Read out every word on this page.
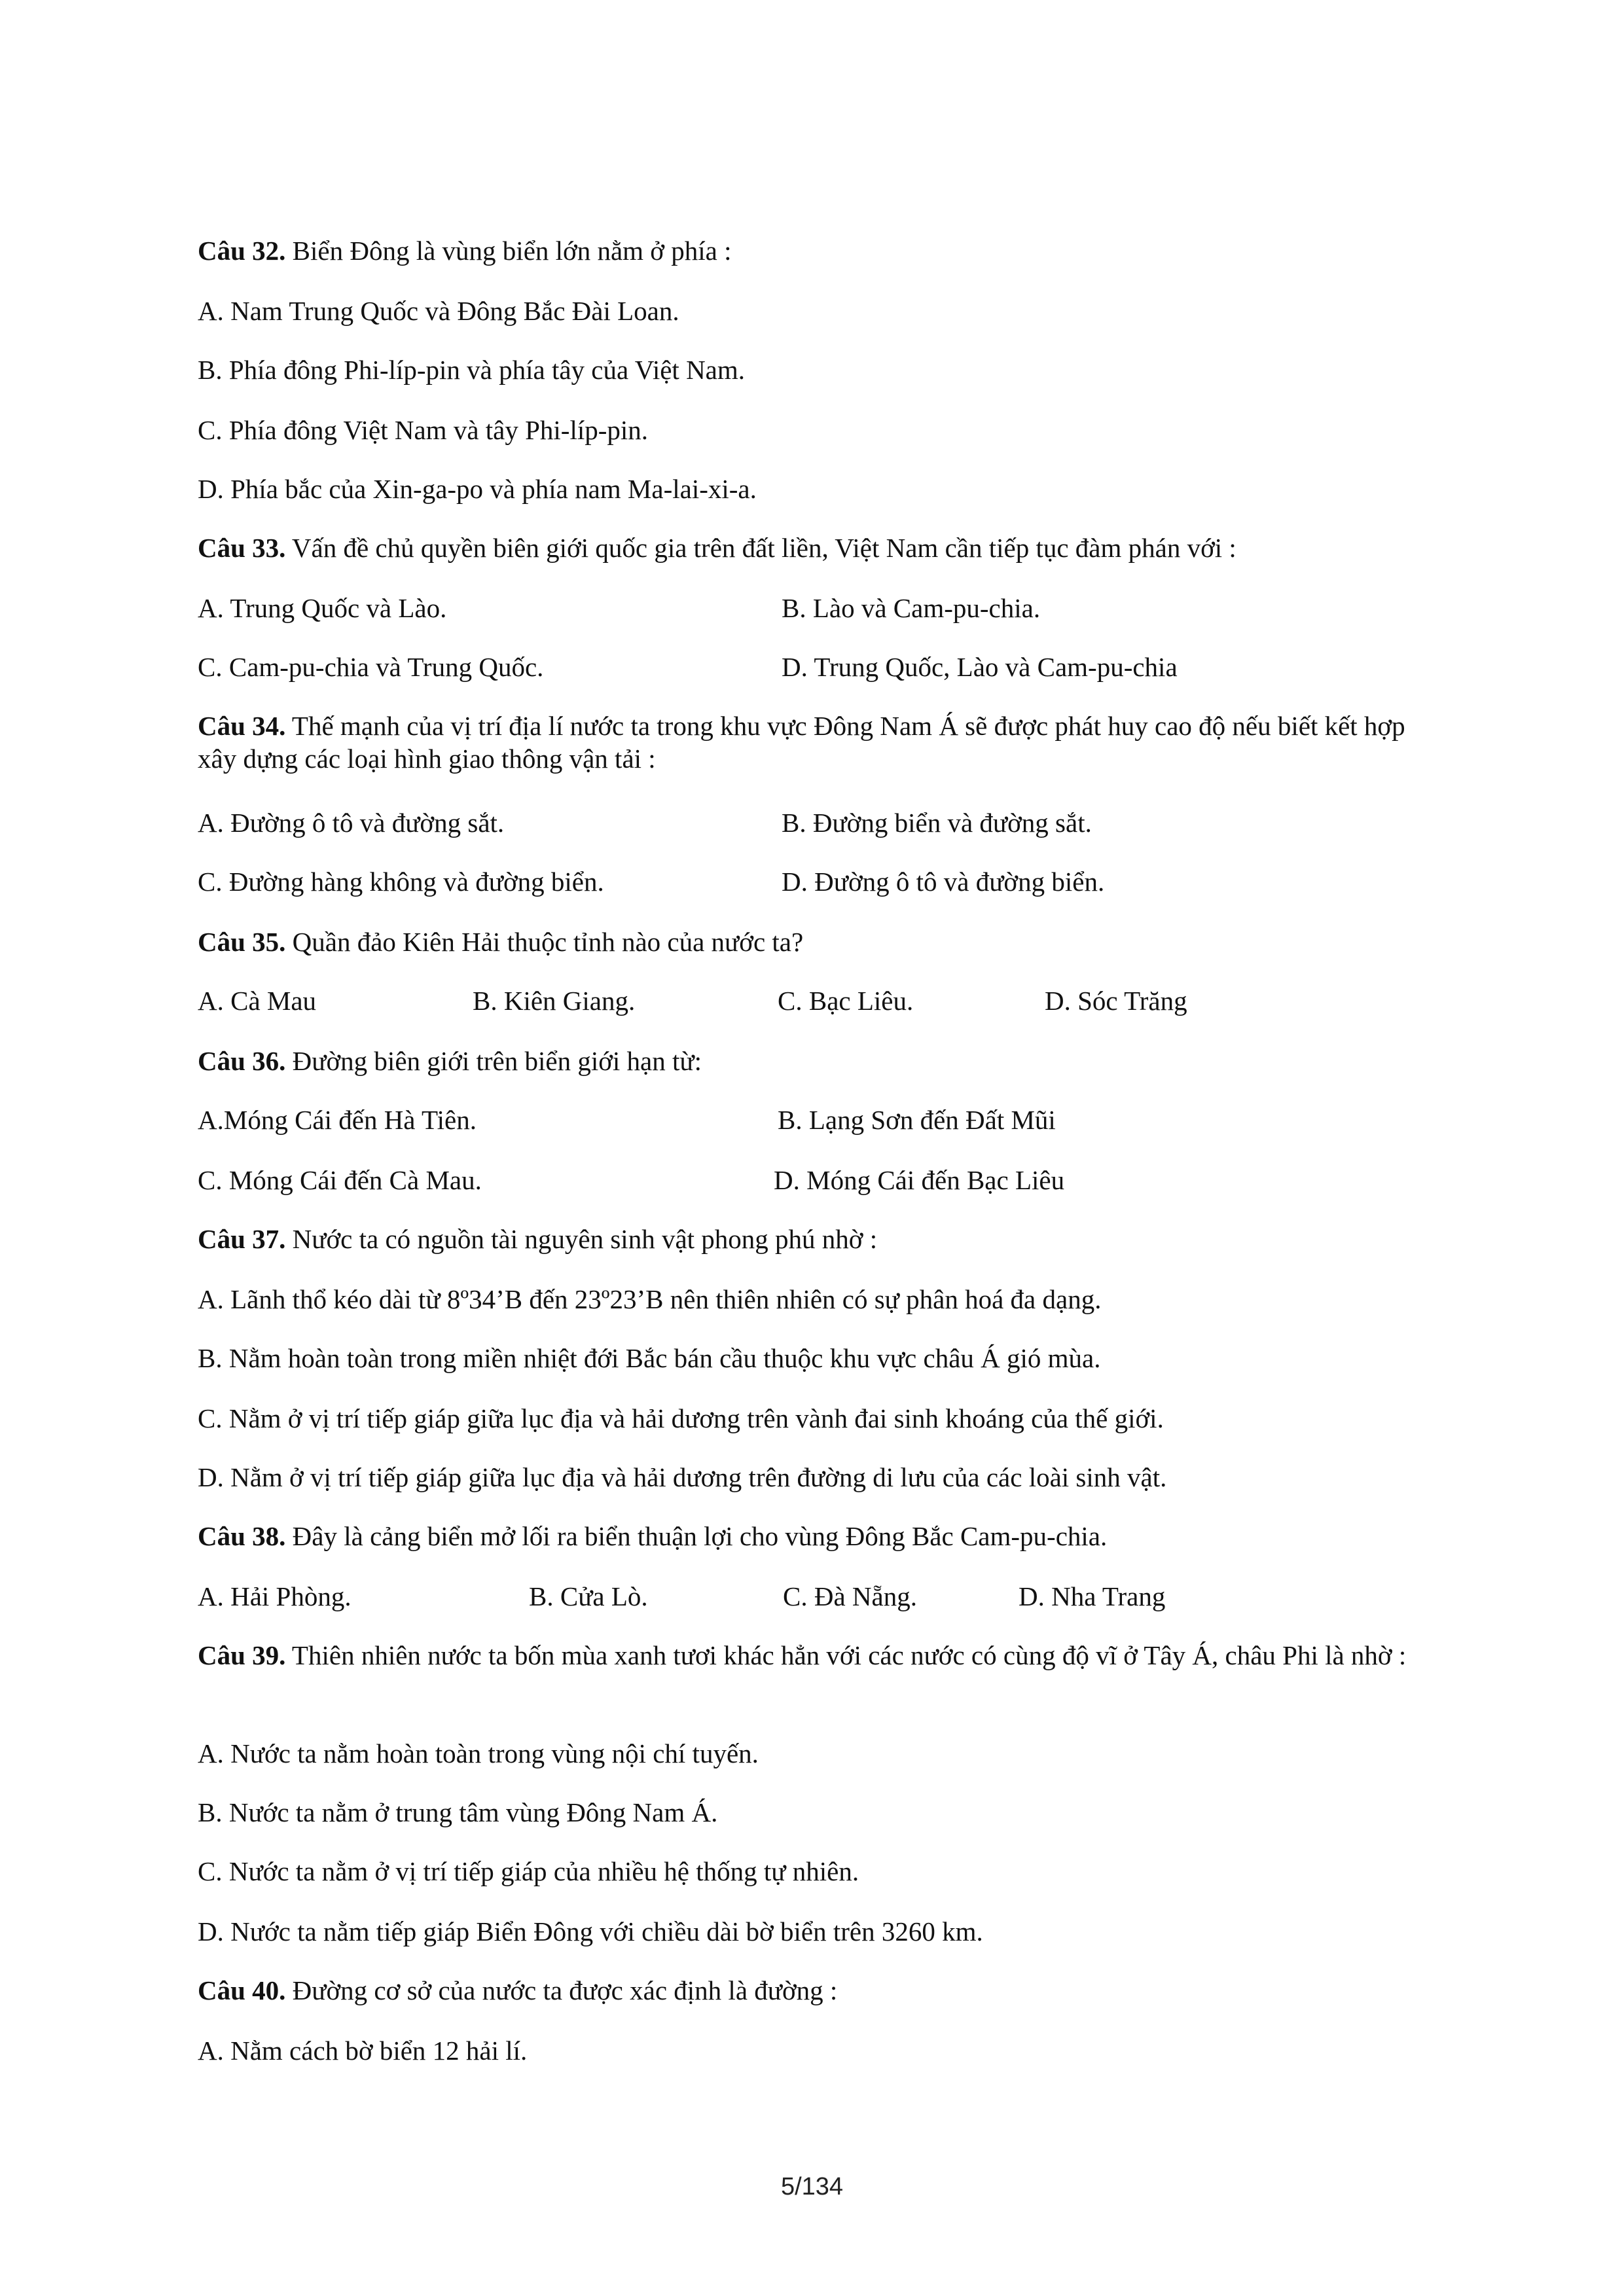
Câu 32. Biển Đông là vùng biển lớn nằm ở phía :
A. Nam Trung Quốc và Đông Bắc Đài Loan.
B. Phía đông Phi-líp-pin và phía tây của Việt Nam.
C. Phía đông Việt Nam và tây Phi-líp-pin.
D. Phía bắc của Xin-ga-po và phía nam Ma-lai-xi-a.
Câu 33. Vấn đề chủ quyền biên giới quốc gia trên đất liền, Việt Nam cần tiếp tục đàm phán với :
A. Trung Quốc và Lào.	B. Lào và Cam-pu-chia.
C. Cam-pu-chia và Trung Quốc.	D. Trung Quốc, Lào và Cam-pu-chia
Câu 34. Thế mạnh của vị trí địa lí nước ta trong khu vực Đông Nam Á sẽ được phát huy cao độ nếu biết kết hợp xây dựng các loại hình giao thông vận tải :
A. Đường ô tô và đường sắt.	B. Đường biển và đường sắt.
C. Đường hàng không và đường biển.	D. Đường ô tô và đường biển.
Câu 35. Quần đảo Kiên Hải thuộc tỉnh nào của nước ta?
A. Cà Mau	B. Kiên Giang.	C. Bạc Liêu.	D. Sóc Trăng
Câu 36. Đường biên giới trên biển giới hạn từ:
A.Móng Cái đến Hà Tiên.	B. Lạng Sơn đến Đất Mũi
C. Móng Cái đến Cà Mau.	D. Móng Cái đến Bạc Liêu
Câu 37. Nước ta có nguồn tài nguyên sinh vật phong phú nhờ :
A. Lãnh thổ kéo dài từ 8º34’B đến 23º23’B nên thiên nhiên có sự phân hoá đa dạng.
B. Nằm hoàn toàn trong miền nhiệt đới Bắc bán cầu thuộc khu vực châu Á gió mùa.
C. Nằm ở vị trí tiếp giáp giữa lục địa và hải dương trên vành đai sinh khoáng của thế giới.
D. Nằm ở vị trí tiếp giáp giữa lục địa và hải dương trên đường di lưu của các loài sinh vật.
Câu 38. Đây là cảng biển mở lối ra biển thuận lợi cho vùng Đông Bắc Cam-pu-chia.
A. Hải Phòng.	B. Cửa Lò.	C. Đà Nẵng.	D. Nha Trang
Câu 39. Thiên nhiên nước ta bốn mùa xanh tươi khác hẳn với các nước có cùng độ vĩ ở Tây Á, châu Phi là nhờ :
A. Nước ta nằm hoàn toàn trong vùng nội chí tuyến.
B. Nước ta nằm ở trung tâm vùng Đông Nam Á.
C. Nước ta nằm ở vị trí tiếp giáp của nhiều hệ thống tự nhiên.
D. Nước ta nằm tiếp giáp Biển Đông với chiều dài bờ biển trên 3260 km.
Câu 40. Đường cơ sở của nước ta được xác định là đường :
A. Nằm cách bờ biển 12 hải lí.
5/134
